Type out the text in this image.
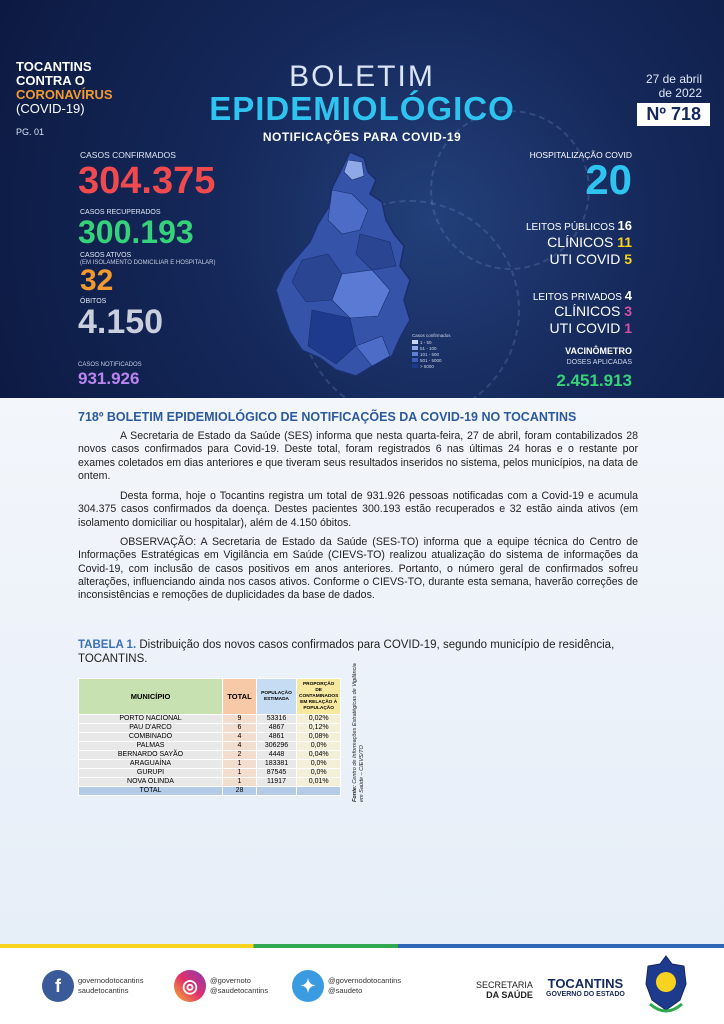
TOCANTINS
CONTRA O
CORONAVÍRUS
(COVID-19)
PG. 01
BOLETIM
EPIDEMIOLÓGICO
NOTIFICAÇÕES PARA COVID-19
27 de abril
de 2022
Nº 718
CASOS CONFIRMADOS
304.375
CASOS RECUPERADOS
300.193
CASOS ATIVOS
(EM ISOLAMENTO DOMICILIAR E HOSPITALAR)
32
ÓBITOS
4.150
CASOS NOTIFICADOS
931.926
Casos confirmados
1 - 50
51 - 100
101 - 500
501 - 5000
> 5000
HOSPITALIZAÇÃO COVID
20
LEITOS PÚBLICOS 16
CLÍNICOS 11
UTI COVID 5
LEITOS PRIVADOS 4
CLÍNICOS 3
UTI COVID 1
VACINÔMETRO
DOSES APLICADAS
2.451.913
718º BOLETIM EPIDEMIOLÓGICO DE NOTIFICAÇÕES DA COVID-19 NO TOCANTINS
A Secretaria de Estado da Saúde (SES) informa que nesta quarta-feira, 27 de abril, foram contabilizados 28 novos casos confirmados para Covid-19. Deste total, foram registrados 6 nas últimas 24 horas e o restante por exames coletados em dias anteriores e que tiveram seus resultados inseridos no sistema, pelos municípios, na data de ontem.
Desta forma, hoje o Tocantins registra um total de 931.926 pessoas notificadas com a Covid-19 e acumula 304.375 casos confirmados da doença. Destes pacientes 300.193 estão recuperados e 32 estão ainda ativos (em isolamento domiciliar ou hospitalar), além de 4.150 óbitos.
OBSERVAÇÃO: A Secretaria de Estado da Saúde (SES-TO) informa que a equipe técnica do Centro de Informações Estratégicas em Vigilância em Saúde (CIEVS-TO) realizou atualização do sistema de informações da Covid-19, com inclusão de casos positivos em anos anteriores. Portanto, o número geral de confirmados sofreu alterações, influenciando ainda nos casos ativos. Conforme o CIEVS-TO, durante esta semana, haverão correções de inconsistências e remoções de duplicidades da base de dados.
TABELA 1. Distribuição dos novos casos confirmados para COVID-19, segundo município de residência, TOCANTINS.
MUNICÍPIO	TOTAL	POPULAÇÃO ESTIMADA	PROPORÇÃO DE CONTAMINADOS EM RELAÇÃO À POPULAÇÃO
PORTO NACIONAL	9	53316	0,02%
PAU D'ARCO	6	4867	0,12%
COMBINADO	4	4861	0,08%
PALMAS	4	306296	0,0%
BERNARDO SAYÃO	2	4448	0,04%
ARAGUAÍNA	1	183381	0,0%
GURUPI	1	87545	0,0%
NOVA OLINDA	1	11917	0,01%
TOTAL	28			Fonte: Centro de Informações Estratégicas de Vigilância em Saúde – CIEVS/TO
f	governodotocantins
saudetocantins	◎	@governoto
@saudetocantins	✦	@governodotocantins
@saudeto
SECRETARIA
DA SAÚDE
TOCANTINS
GOVERNO DO ESTADO
